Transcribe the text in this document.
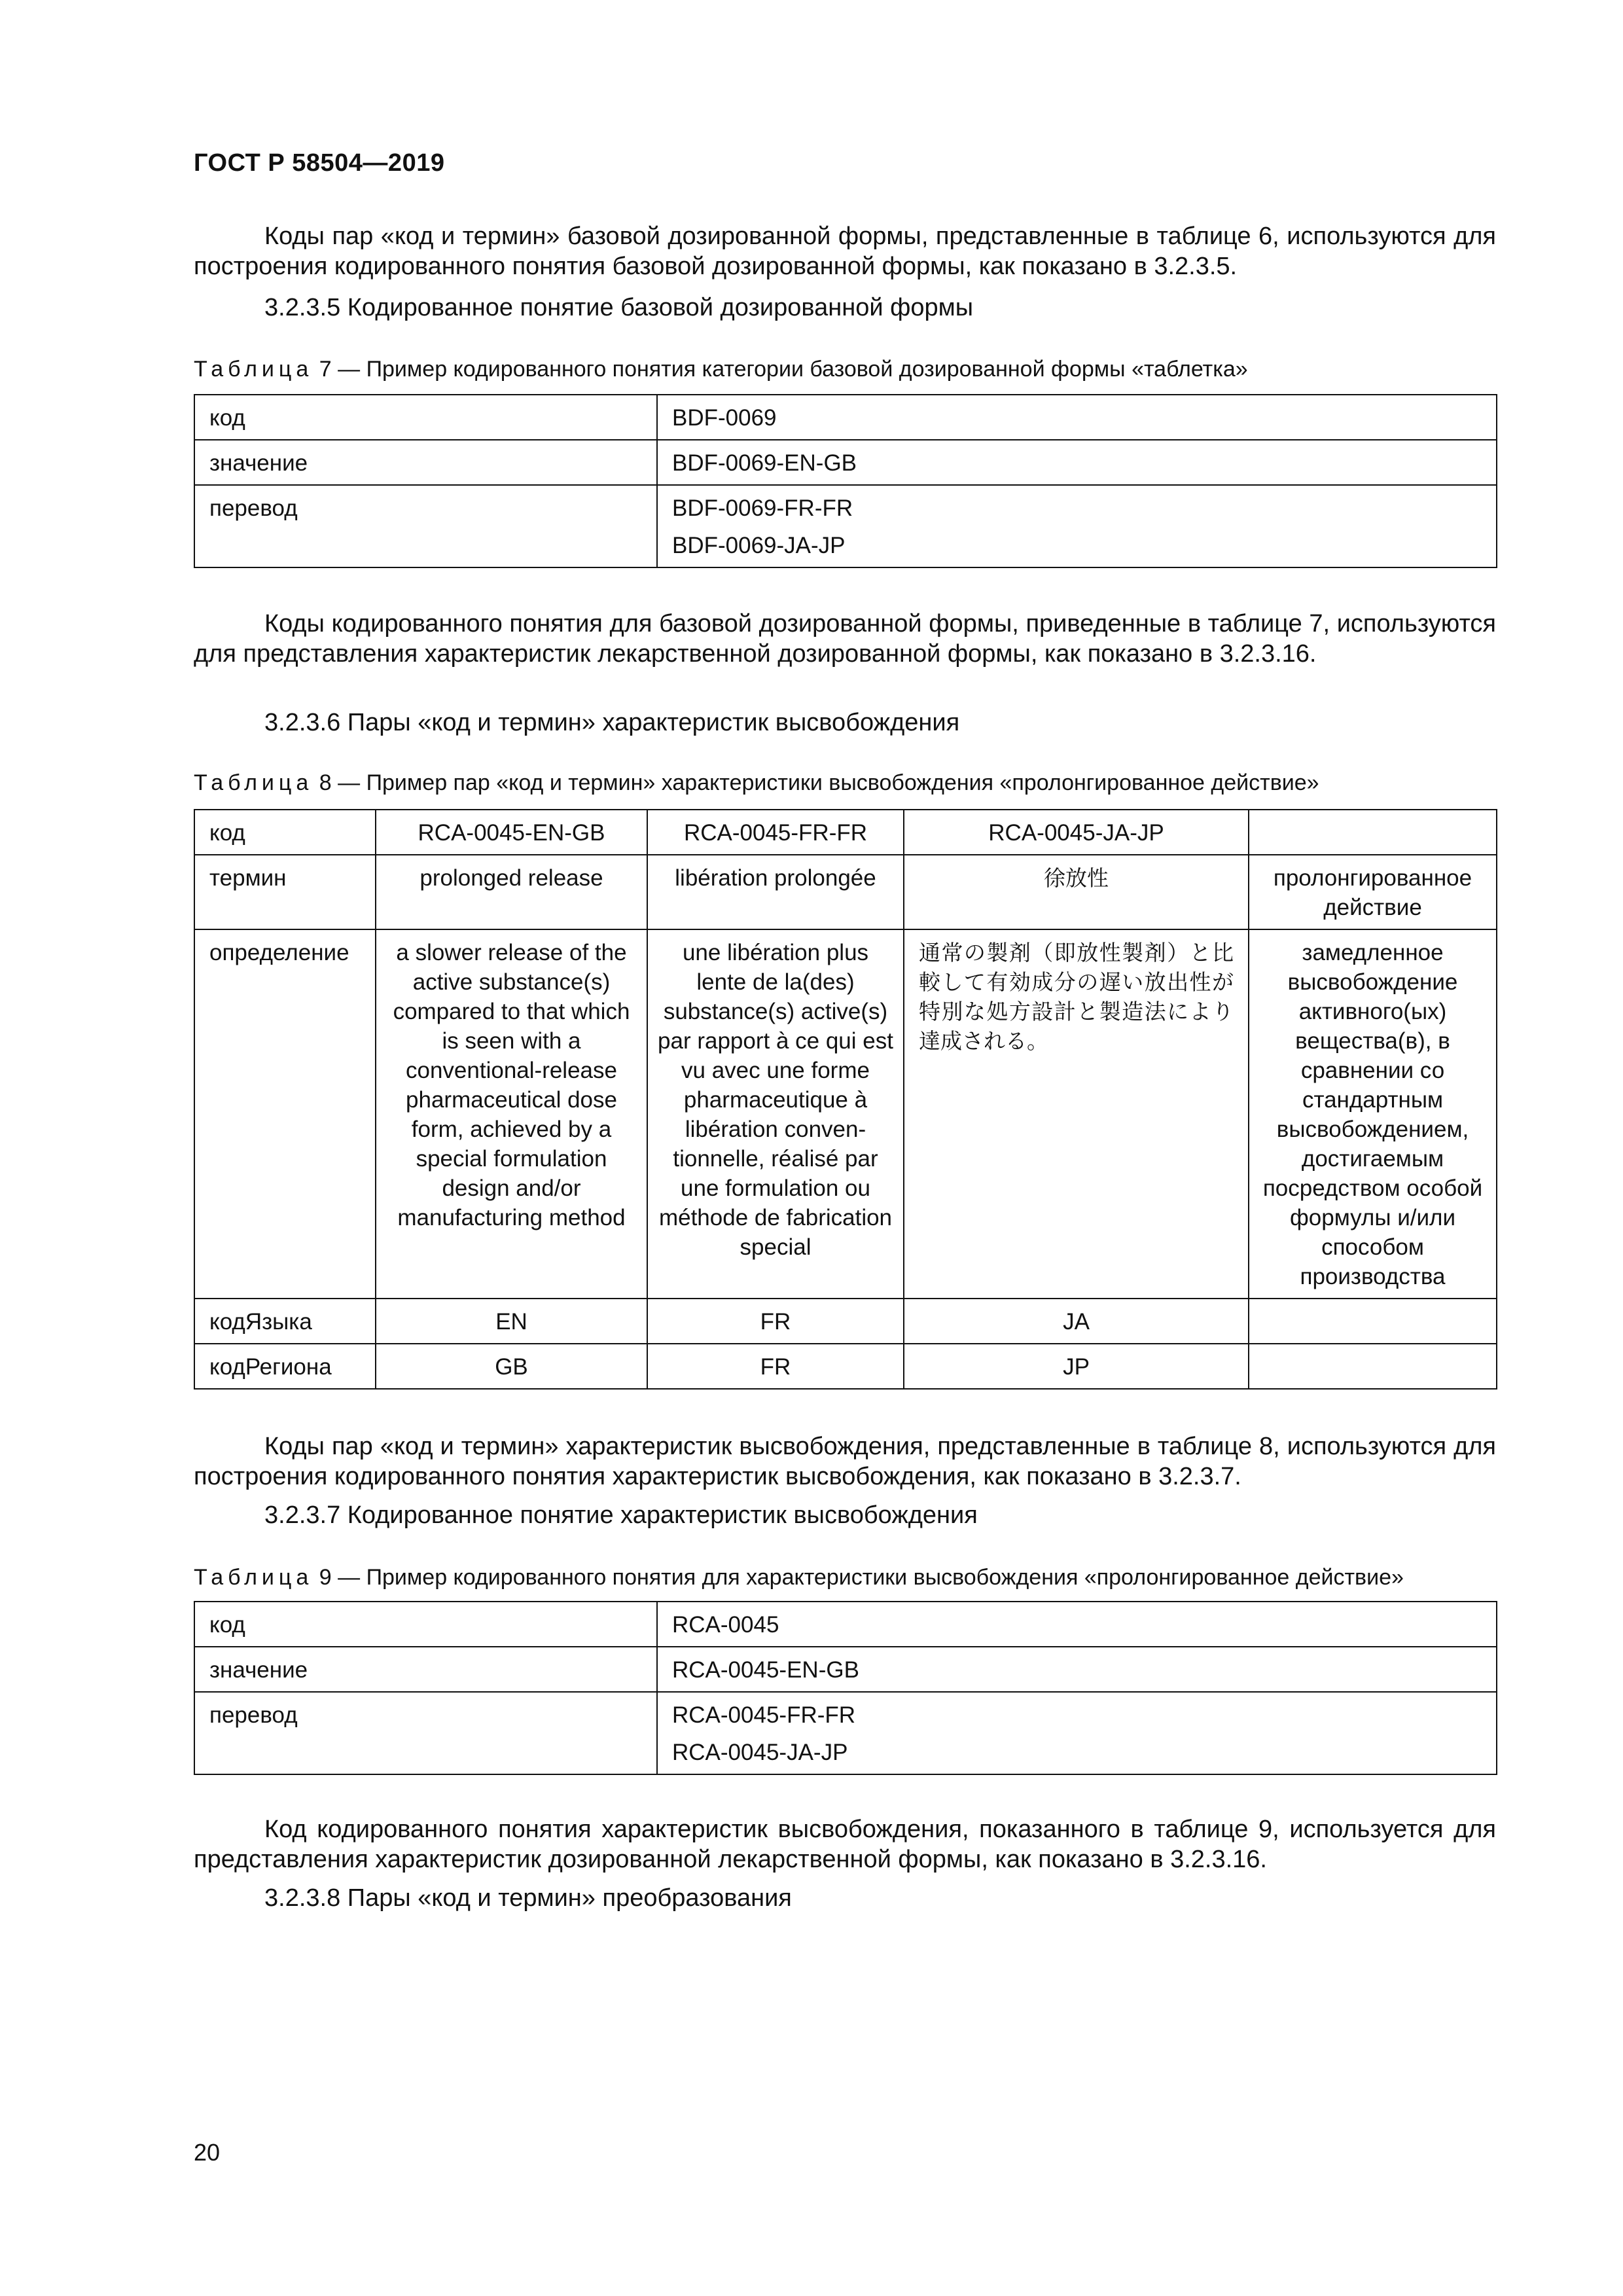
ГОСТ Р 58504—2019

Коды пар «код и термин» базовой дозированной формы, представленные в таблице 6, используются для построения кодированного понятия базовой дозированной формы, как показано в 3.2.3.5.

3.2.3.5 Кодированное понятие базовой дозированной формы
Таблица 7 — Пример кодированного понятия категории базовой дозированной формы «таблетка»
код	BDF-0069
значение	BDF-0069-EN-GB
перевод	BDF-0069-FR-FR
BDF-0069-JA-JP

Коды кодированного понятия для базовой дозированной формы, приведенные в таблице 7, используются для представления характеристик лекарственной дозированной формы, как показано в 3.2.3.16.

3.2.3.6 Пары «код и термин» характеристик высвобождения
Таблица 8 — Пример пар «код и термин» характеристики высвобождения «пролонгированное действие»
код	RCA-0045-EN-GB	RCA-0045-FR-FR	RCA-0045-JA-JP	
термин	prolonged release	libération prolongée	徐放性	пролонгированное действие
определение	a slower release of the active substance(s) compared to that which is seen with a conventional-release pharmaceutical dose form, achieved by a special formulation design and/or manufacturing method	une libération plus lente de la(des) substance(s) active(s) par rapport à ce qui est vu avec une forme pharmaceutique à libération conven- tionnelle, réalisé par une formulation ou méthode de fabrication special	通常の製剤（即放性製剤）と比較して有効成分の遅い放出性が特別な処方設計と製造法により達成される。	замедленное высвобождение активного(ых) вещества(в), в сравнении со стандартным высвобождением, достигаемым посредством особой формулы и/или способом производства
кодЯзыка	EN	FR	JA	
кодРегиона	GB	FR	JP	

Коды пар «код и термин» характеристик высвобождения, представленные в таблице 8, используются для построения кодированного понятия характеристик высвобождения, как показано в 3.2.3.7.

3.2.3.7 Кодированное понятие характеристик высвобождения
Таблица 9 — Пример кодированного понятия для характеристики высвобождения «пролонгированное действие»
код	RCA-0045
значение	RCA-0045-EN-GB
перевод	RCA-0045-FR-FR
RCA-0045-JA-JP

Код кодированного понятия характеристик высвобождения, показанного в таблице 9, используется для представления характеристик дозированной лекарственной формы, как показано в 3.2.3.16.

3.2.3.8 Пары «код и термин» преобразования
20
